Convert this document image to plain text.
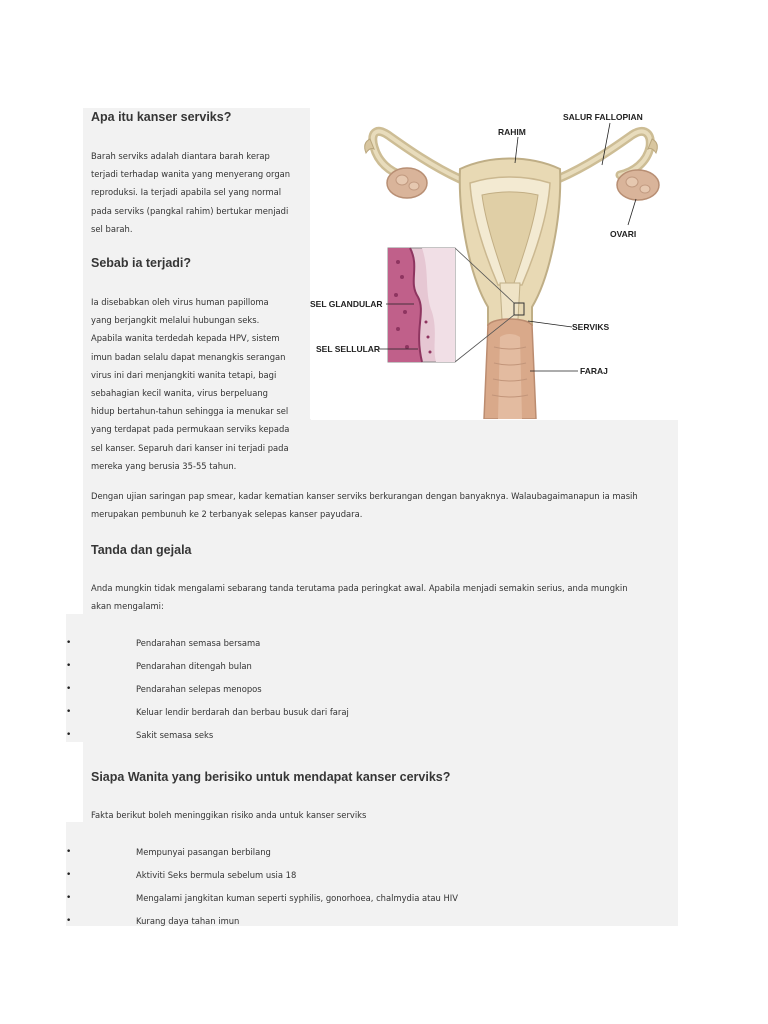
Apa itu kanser serviks?
Barah serviks adalah diantara barah kerap
terjadi terhadap wanita yang menyerang organ
reproduksi. Ia terjadi apabila sel yang normal
pada serviks (pangkal rahim) bertukar menjadi
sel barah.
Sebab ia terjadi?
Ia disebabkan oleh virus human papilloma
yang berjangkit melalui hubungan seks.
Apabila wanita terdedah kepada HPV, sistem
imun badan selalu dapat menangkis serangan
virus ini dari menjangkiti wanita tetapi, bagi
sebahagian kecil wanita, virus berpeluang
hidup bertahun-tahun sehingga ia menukar sel
yang terdapat pada permukaan serviks kepada
sel kanser. Separuh dari kanser ini terjadi pada
mereka yang berusia 35-55 tahun.
Dengan ujian saringan pap smear, kadar kematian kanser serviks berkurangan dengan banyaknya. Walaubagaimanapun ia masih
merupakan pembunuh ke 2 terbanyak selepas kanser payudara.
Tanda dan gejala
Anda mungkin tidak mengalami sebarang tanda terutama pada peringkat awal. Apabila menjadi semakin serius, anda mungkin
akan mengalami:
•	Pendarahan semasa bersama
•	Pendarahan ditengah bulan
•	Pendarahan selepas menopos
•	Keluar lendir berdarah dan berbau busuk dari faraj
•	Sakit semasa seks
Siapa Wanita yang berisiko untuk mendapat kanser cerviks?
Fakta berikut boleh meninggikan risiko anda untuk kanser serviks
•	Mempunyai pasangan berbilang
•	Aktiviti Seks bermula sebelum usia 18
•	Mengalami jangkitan kuman seperti syphilis, gonorhoea, chalmydia atau HIV
•	Kurang daya tahan imun
SALUR FALLOPIAN
RAHIM
OVARI
SEL GLANDULAR
SEL SELLULAR
SERVIKS
FARAJ
